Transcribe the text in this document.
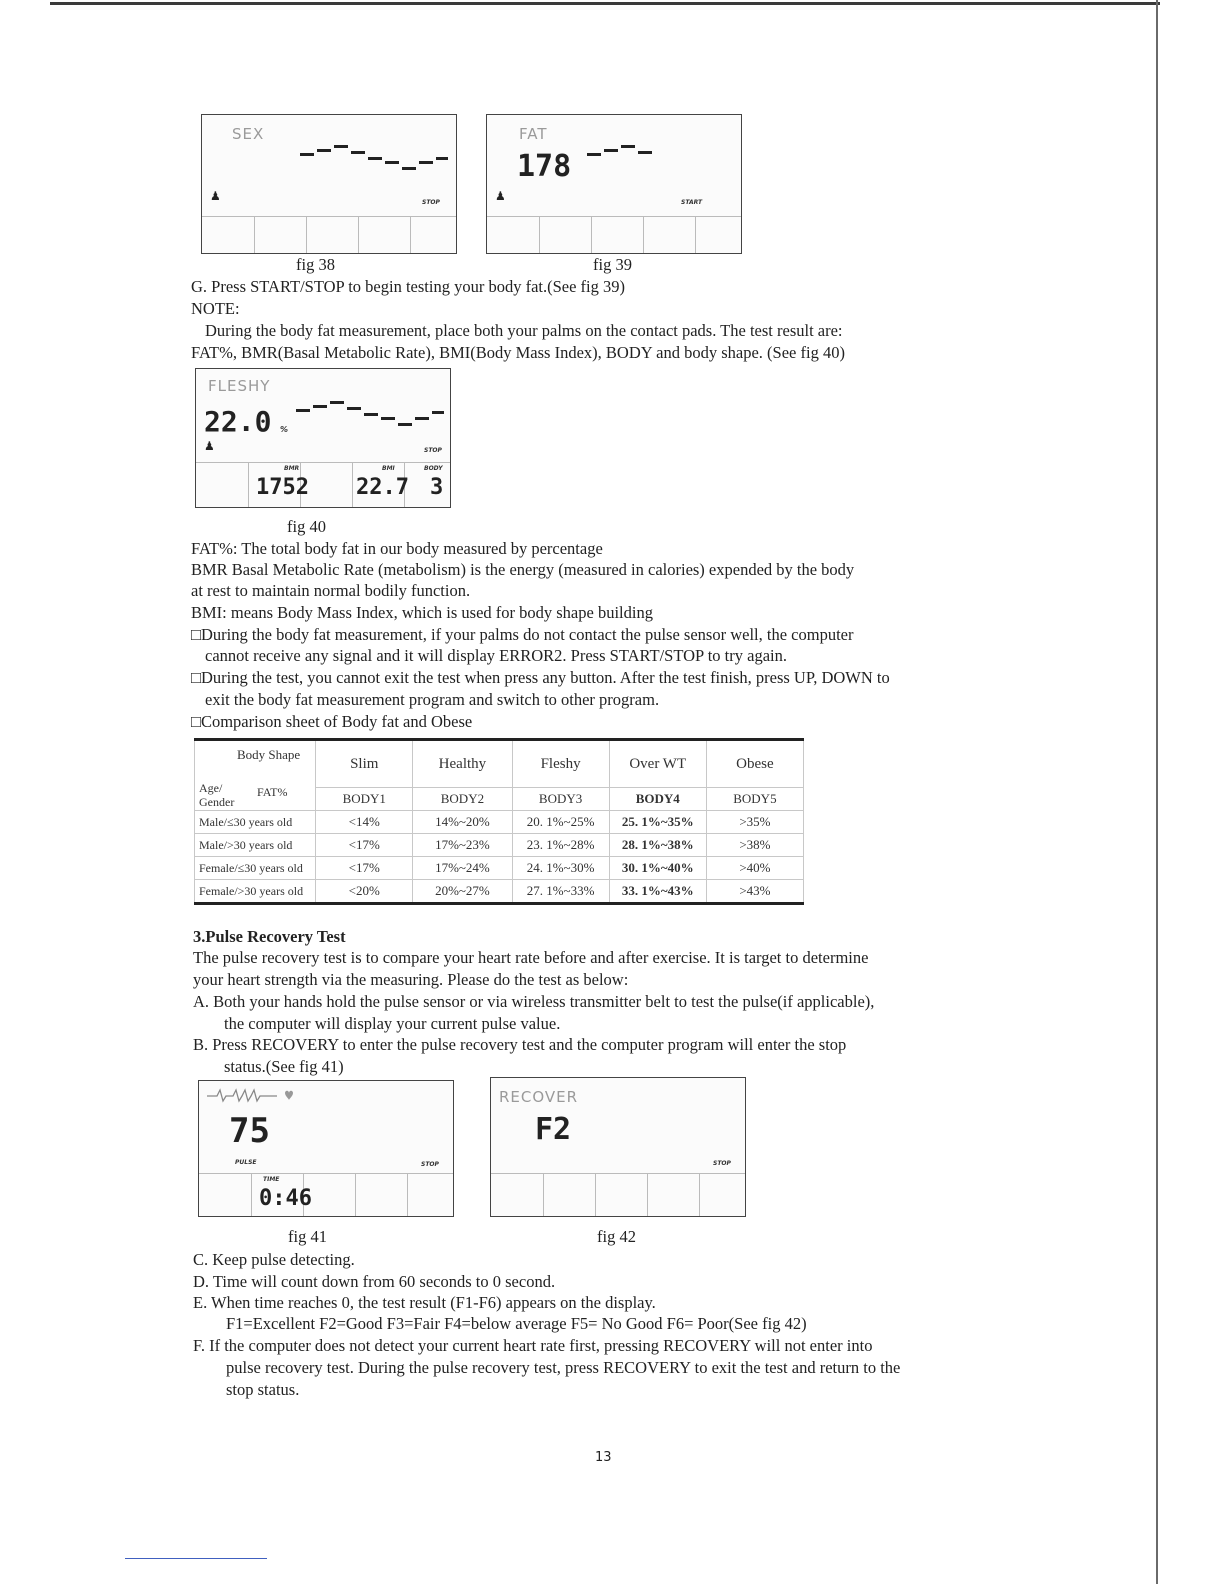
SEX
♟	STOP
fig 38
FAT
178
♟	START
fig 39
G. Press START/STOP to begin testing your body fat.(See fig 39)
NOTE:
During the body fat measurement, place both your palms on the contact pads. The test result are:
FAT%, BMR(Basal Metabolic Rate), BMI(Body Mass Index), BODY and body shape. (See fig 40)
FLESHY
22.0 %
♟	STOP
BMR	BMI	BODY
1752 22.7 3
fig 40
FAT%: The total body fat in our body measured by percentage
BMR Basal Metabolic Rate (metabolism) is the energy (measured in calories) expended by the body
at rest to maintain normal bodily function.
BMI: means Body Mass Index, which is used for body shape building
□During the body fat measurement, if your palms do not contact the pulse sensor well, the computer
cannot receive any signal and it will display ERROR2. Press START/STOP to try again.
□During the test, you cannot exit the test when press any button. After the test finish, press UP, DOWN to
exit the body fat measurement program and switch to other program.
□Comparison sheet of Body fat and Obese
Body Shape
Age/ FAT%
Gender	Slim	Healthy	Fleshy	Over WT	Obese
	BODY1	BODY2	BODY3	BODY4	BODY5
Male/≤30 years old	<14%	14%~20%	20. 1%~25%	25. 1%~35%	>35%
Male/>30 years old	<17%	17%~23%	23. 1%~28%	28. 1%~38%	>38%
Female/≤30 years old	<17%	17%~24%	24. 1%~30%	30. 1%~40%	>40%
Female/>30 years old	<20%	20%~27%	27. 1%~33%	33. 1%~43%	>43%
3.Pulse Recovery Test
The pulse recovery test is to compare your heart rate before and after exercise. It is target to determine
your heart strength via the measuring. Please do the test as below:
A. Both your hands hold the pulse sensor or via wireless transmitter belt to test the pulse(if applicable),
the computer will display your current pulse value.
B. Press RECOVERY to enter the pulse recovery test and the computer program will enter the stop
status.(See fig 41)
75
PULSE	STOP
TIME
0:46
fig 41
RECOVER
F2
STOP
fig 42
C. Keep pulse detecting.
D. Time will count down from 60 seconds to 0 second.
E. When time reaches 0, the test result (F1-F6) appears on the display.
F1=Excellent F2=Good F3=Fair F4=below average F5= No Good F6= Poor(See fig 42)
F. If the computer does not detect your current heart rate first, pressing RECOVERY will not enter into
pulse recovery test. During the pulse recovery test, press RECOVERY to exit the test and return to the
stop status.
13
